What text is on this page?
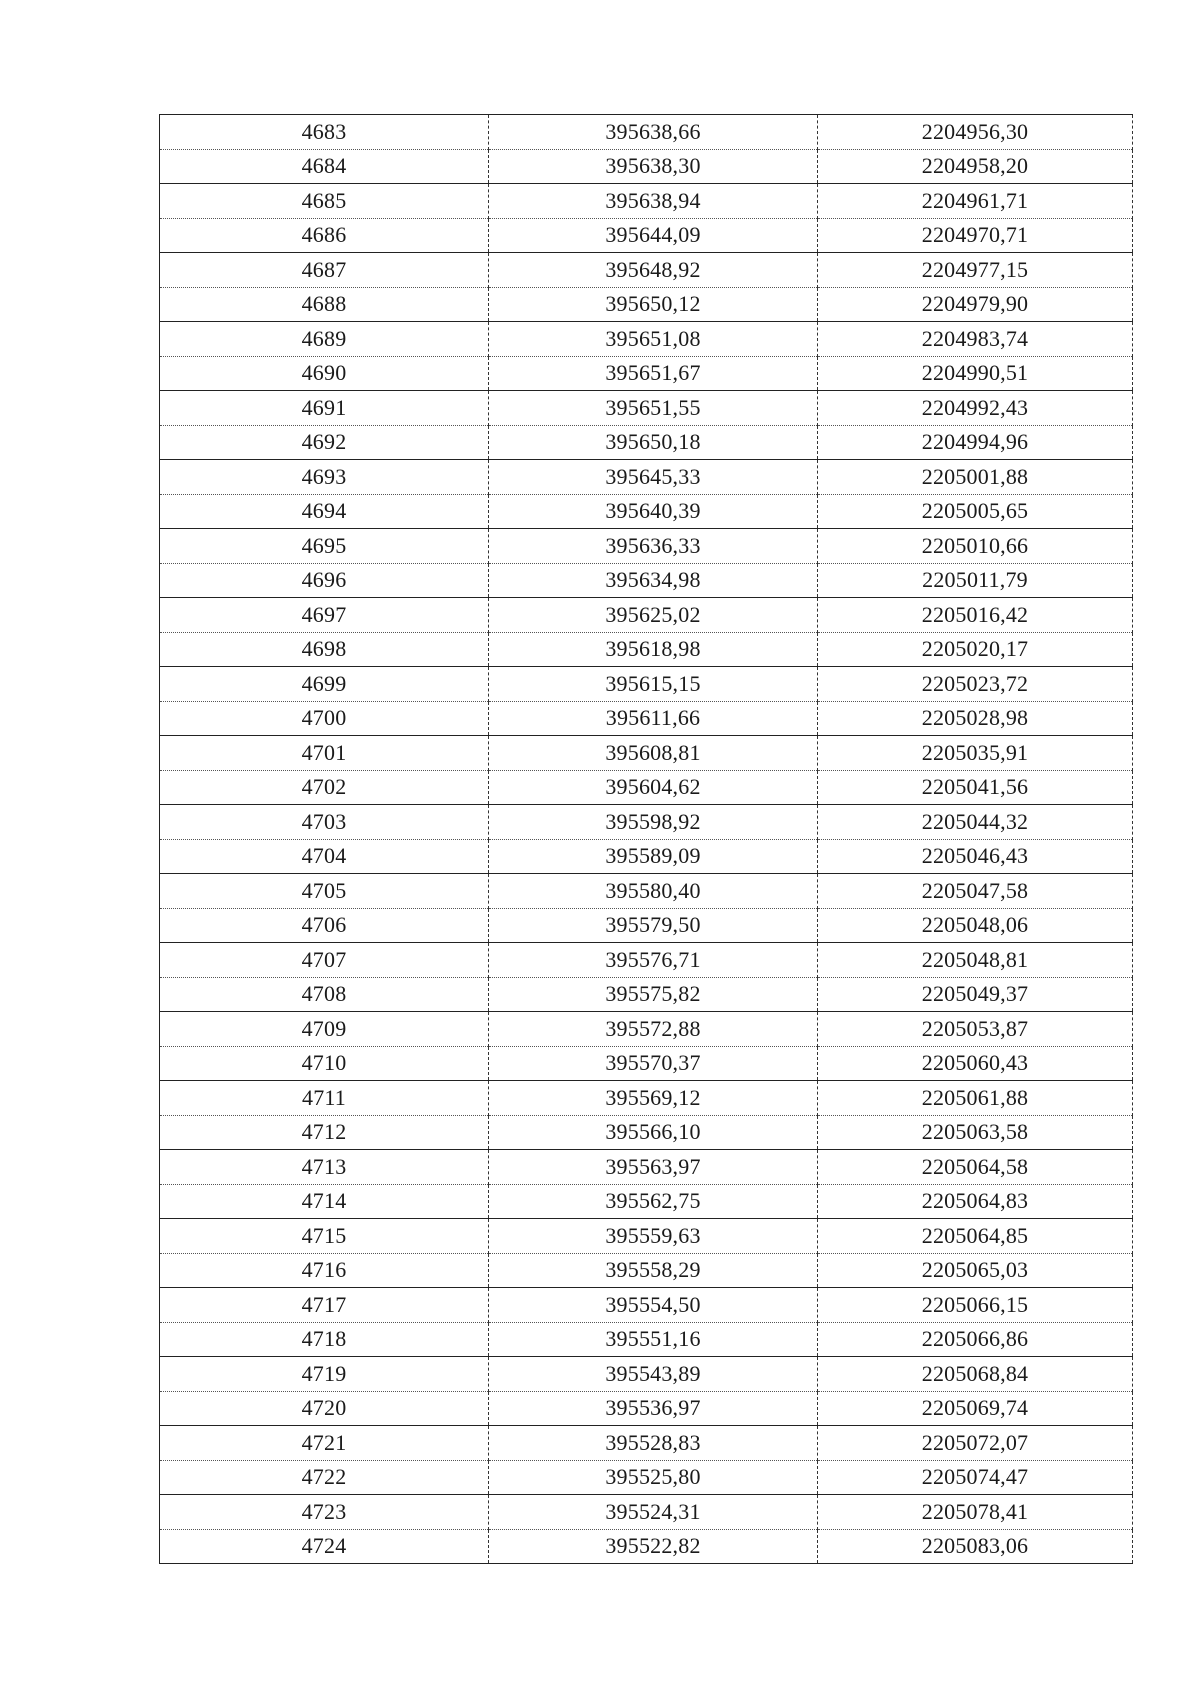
4683	395638,66	2204956,30
4684	395638,30	2204958,20
4685	395638,94	2204961,71
4686	395644,09	2204970,71
4687	395648,92	2204977,15
4688	395650,12	2204979,90
4689	395651,08	2204983,74
4690	395651,67	2204990,51
4691	395651,55	2204992,43
4692	395650,18	2204994,96
4693	395645,33	2205001,88
4694	395640,39	2205005,65
4695	395636,33	2205010,66
4696	395634,98	2205011,79
4697	395625,02	2205016,42
4698	395618,98	2205020,17
4699	395615,15	2205023,72
4700	395611,66	2205028,98
4701	395608,81	2205035,91
4702	395604,62	2205041,56
4703	395598,92	2205044,32
4704	395589,09	2205046,43
4705	395580,40	2205047,58
4706	395579,50	2205048,06
4707	395576,71	2205048,81
4708	395575,82	2205049,37
4709	395572,88	2205053,87
4710	395570,37	2205060,43
4711	395569,12	2205061,88
4712	395566,10	2205063,58
4713	395563,97	2205064,58
4714	395562,75	2205064,83
4715	395559,63	2205064,85
4716	395558,29	2205065,03
4717	395554,50	2205066,15
4718	395551,16	2205066,86
4719	395543,89	2205068,84
4720	395536,97	2205069,74
4721	395528,83	2205072,07
4722	395525,80	2205074,47
4723	395524,31	2205078,41
4724	395522,82	2205083,06
